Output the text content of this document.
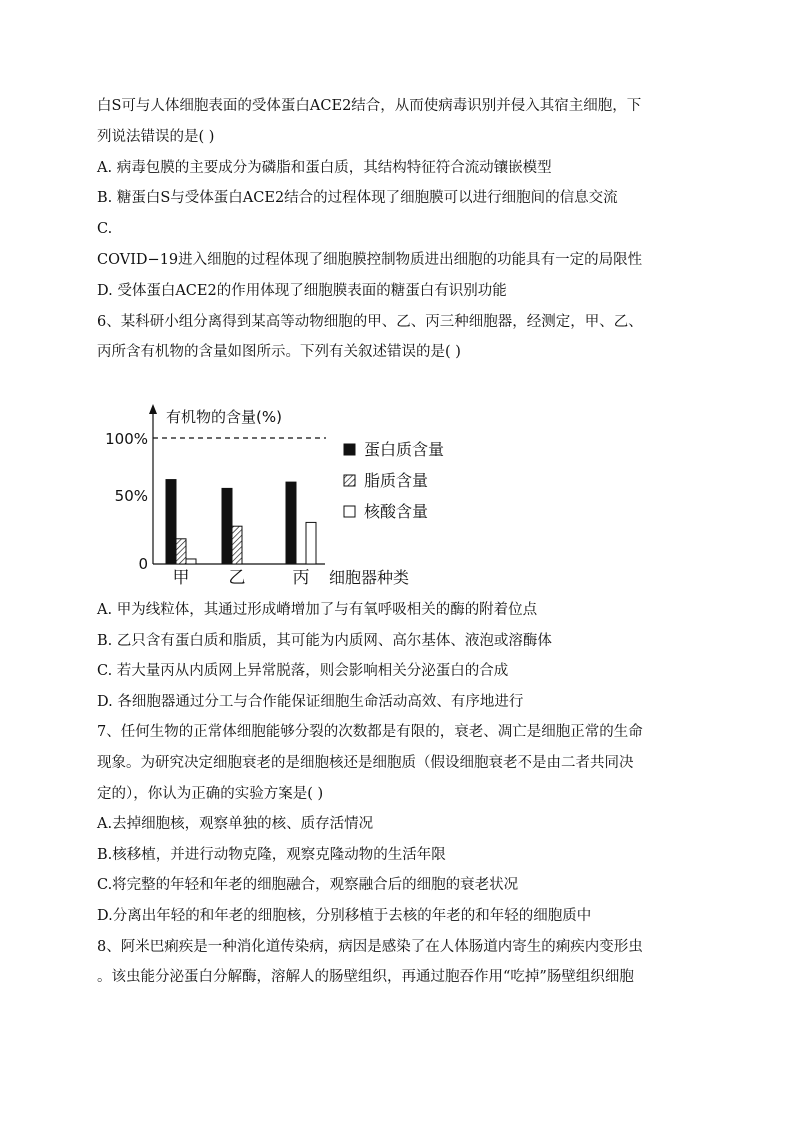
白S可与人体细胞表面的受体蛋白ACE2结合，从而使病毒识别并侵入其宿主细胞，下
列说法错误的是( )
A. 病毒包膜的主要成分为磷脂和蛋白质，其结构特征符合流动镶嵌模型
B. 糖蛋白S与受体蛋白ACE2结合的过程体现了细胞膜可以进行细胞间的信息交流
C.
COVID−19进入细胞的过程体现了细胞膜控制物质进出细胞的功能具有一定的局限性
D. 受体蛋白ACE2的作用体现了细胞膜表面的糖蛋白有识别功能
6、某科研小组分离得到某高等动物细胞的甲、乙、丙三种细胞器，经测定，甲、乙、
丙所含有机物的含量如图所示。下列有关叙述错误的是( )
有机物的含量(%)
细胞器种类
0
50%
100%
甲 乙	丙
蛋白质含量
脂质含量
核酸含量
A. 甲为线粒体，其通过形成嵴增加了与有氧呼吸相关的酶的附着位点
B. 乙只含有蛋白质和脂质，其可能为内质网、高尔基体、液泡或溶酶体
C. 若大量丙从内质网上异常脱落，则会影响相关分泌蛋白的合成
D. 各细胞器通过分工与合作能保证细胞生命活动高效、有序地进行
7、任何生物的正常体细胞能够分裂的次数都是有限的，衰老、凋亡是细胞正常的生命
现象。为研究决定细胞衰老的是细胞核还是细胞质（假设细胞衰老不是由二者共同决
定的），你认为正确的实验方案是( )
A.去掉细胞核，观察单独的核、质存活情况
B.核移植，并进行动物克隆，观察克隆动物的生活年限
C.将完整的年轻和年老的细胞融合，观察融合后的细胞的衰老状况
D.分离出年轻的和年老的细胞核，分别移植于去核的年老的和年轻的细胞质中
8、阿米巴痢疾是一种消化道传染病，病因是感染了在人体肠道内寄生的痢疾内变形虫
。该虫能分泌蛋白分解酶，溶解人的肠壁组织，再通过胞吞作用“吃掉”肠壁组织细胞
